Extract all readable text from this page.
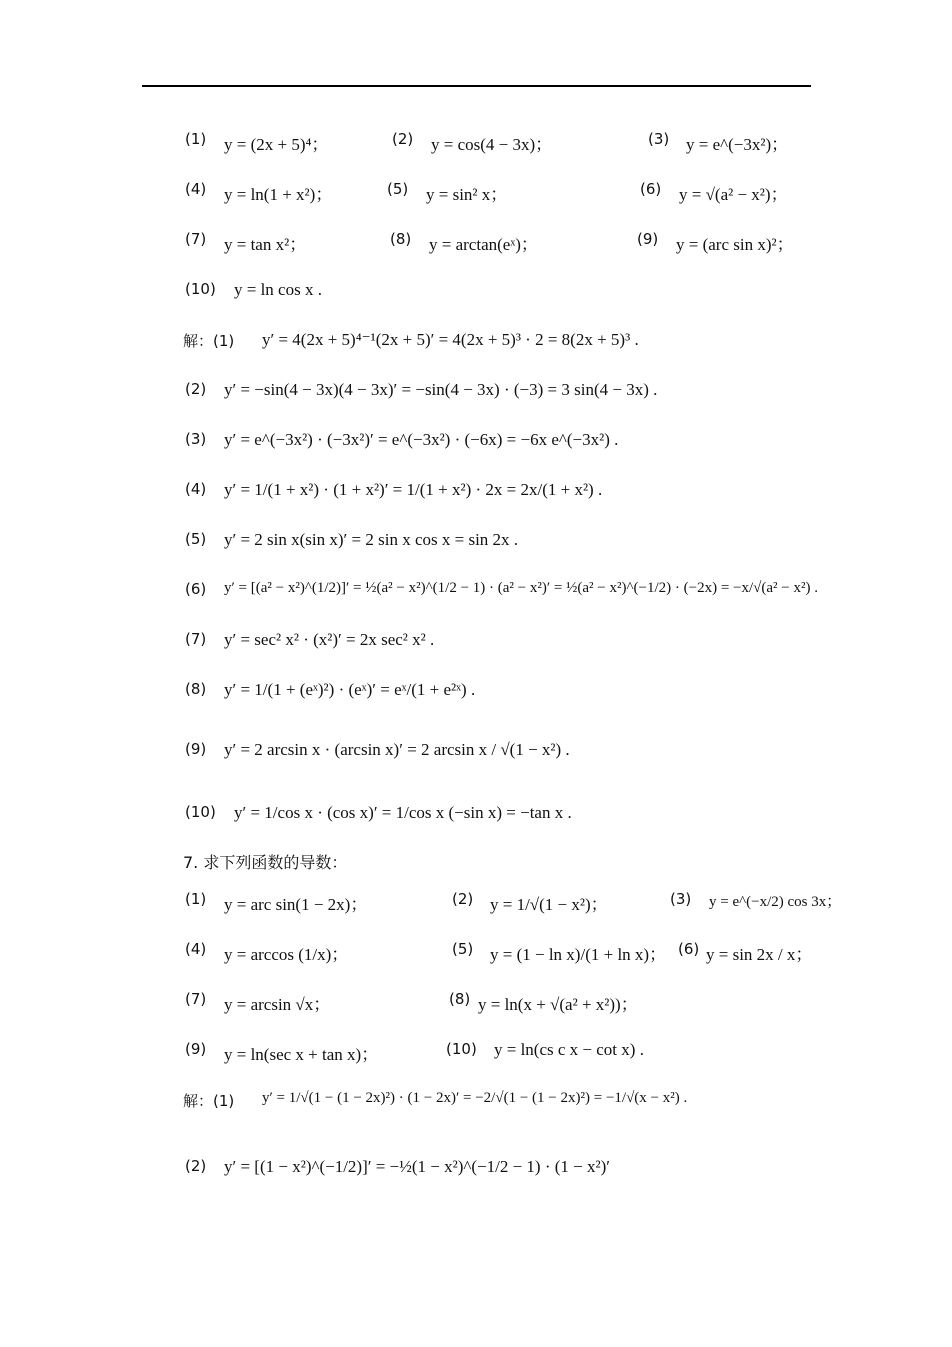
(1) y = (2x + 5)⁴；	(2) y = cos(4 − 3x)；	(3) y = e^(−3x²)；
(4) y = ln(1 + x²)；	(5) y = sin² x；	(6) y = √(a² − x²)；
(7) y = tan x²；	(8) y = arctan(eˣ)；	(9) y = (arc sin x)²；
(10) y = ln cos x .
解：(1) y′ = 4(2x + 5)⁴⁻¹(2x + 5)′ = 4(2x + 5)³ · 2 = 8(2x + 5)³ .
(2) y′ = −sin(4 − 3x)(4 − 3x)′ = −sin(4 − 3x) · (−3) = 3 sin(4 − 3x) .
(3) y′ = e^(−3x²) · (−3x²)′ = e^(−3x²) · (−6x) = −6x e^(−3x²) .
(4) y′ = 1/(1 + x²) · (1 + x²)′ = 1/(1 + x²) · 2x = 2x/(1 + x²) .
(5) y′ = 2 sin x(sin x)′ = 2 sin x cos x = sin 2x .
(6) y′ = [(a² − x²)^(1/2)]′ = ½(a² − x²)^(1/2 − 1) · (a² − x²)′ = ½(a² − x²)^(−1/2) · (−2x) = −x/√(a² − x²) .
(7) y′ = sec² x² · (x²)′ = 2x sec² x² .
(8) y′ = 1/(1 + (eˣ)²) · (eˣ)′ = eˣ/(1 + e²ˣ) .
(9) y′ = 2 arcsin x · (arcsin x)′ = 2 arcsin x / √(1 − x²) .
(10) y′ = 1/cos x · (cos x)′ = 1/cos x (−sin x) = −tan x .
7. 求下列函数的导数：
(1) y = arc sin(1 − 2x)；	(2) y = 1/√(1 − x²)；	(3) y = e^(−x/2) cos 3x；
(4) y = arccos (1/x)；	(5) y = (1 − ln x)/(1 + ln x)； (6) y = sin 2x / x；
(7) y = arcsin √x；	(8) y = ln(x + √(a² + x²))；
(9) y = ln(sec x + tan x)；	(10) y = ln(cs c x − cot x) .
解：(1) y′ = 1/√(1 − (1 − 2x)²) · (1 − 2x)′ = −2/√(1 − (1 − 2x)²) = −1/√(x − x²) .
(2) y′ = [(1 − x²)^(−1/2)]′ = −½(1 − x²)^(−1/2 − 1) · (1 − x²)′
